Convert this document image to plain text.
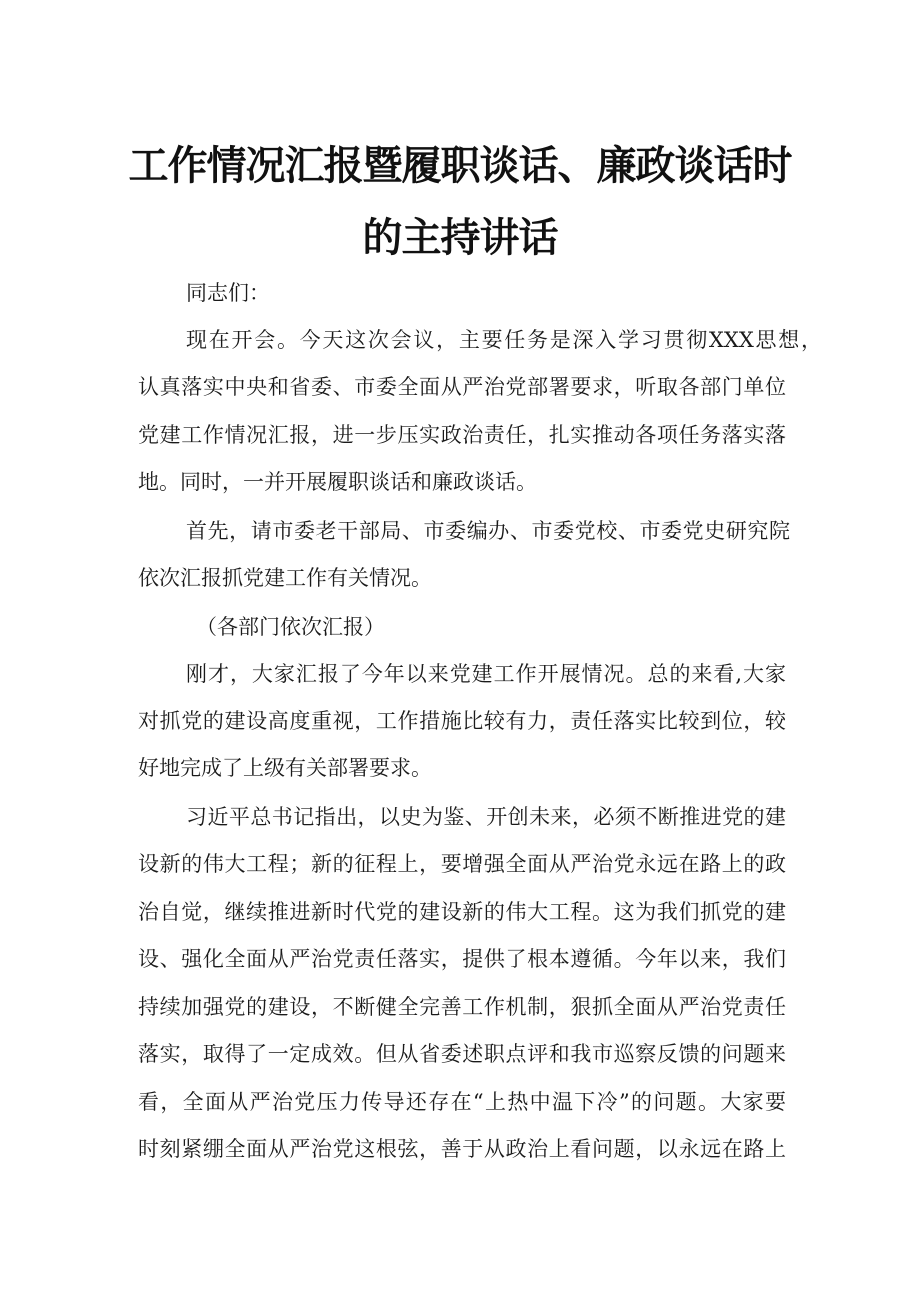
工作情况汇报暨履职谈话、廉政谈话时
的主持讲话

同志们：

现在开会。今天这次会议，主要任务是深入学习贯彻XXX思想，

认真落实中央和省委、市委全面从严治党部署要求，听取各部门单位

党建工作情况汇报，进一步压实政治责任，扎实推动各项任务落实落

地。同时，一并开展履职谈话和廉政谈话。

首先，请市委老干部局、市委编办、市委党校、市委党史研究院

依次汇报抓党建工作有关情况。

（各部门依次汇报）

刚才，大家汇报了今年以来党建工作开展情况。总的来看,大家

对抓党的建设高度重视，工作措施比较有力，责任落实比较到位，较

好地完成了上级有关部署要求。

习近平总书记指出，以史为鉴、开创未来，必须不断推进党的建

设新的伟大工程；新的征程上，要增强全面从严治党永远在路上的政

治自觉，继续推进新时代党的建设新的伟大工程。这为我们抓党的建

设、强化全面从严治党责任落实，提供了根本遵循。今年以来，我们

持续加强党的建设，不断健全完善工作机制，狠抓全面从严治党责任

落实，取得了一定成效。但从省委述职点评和我市巡察反馈的问题来

看，全面从严治党压力传导还存在“上热中温下冷”的问题。大家要

时刻紧绷全面从严治党这根弦，善于从政治上看问题，以永远在路上
